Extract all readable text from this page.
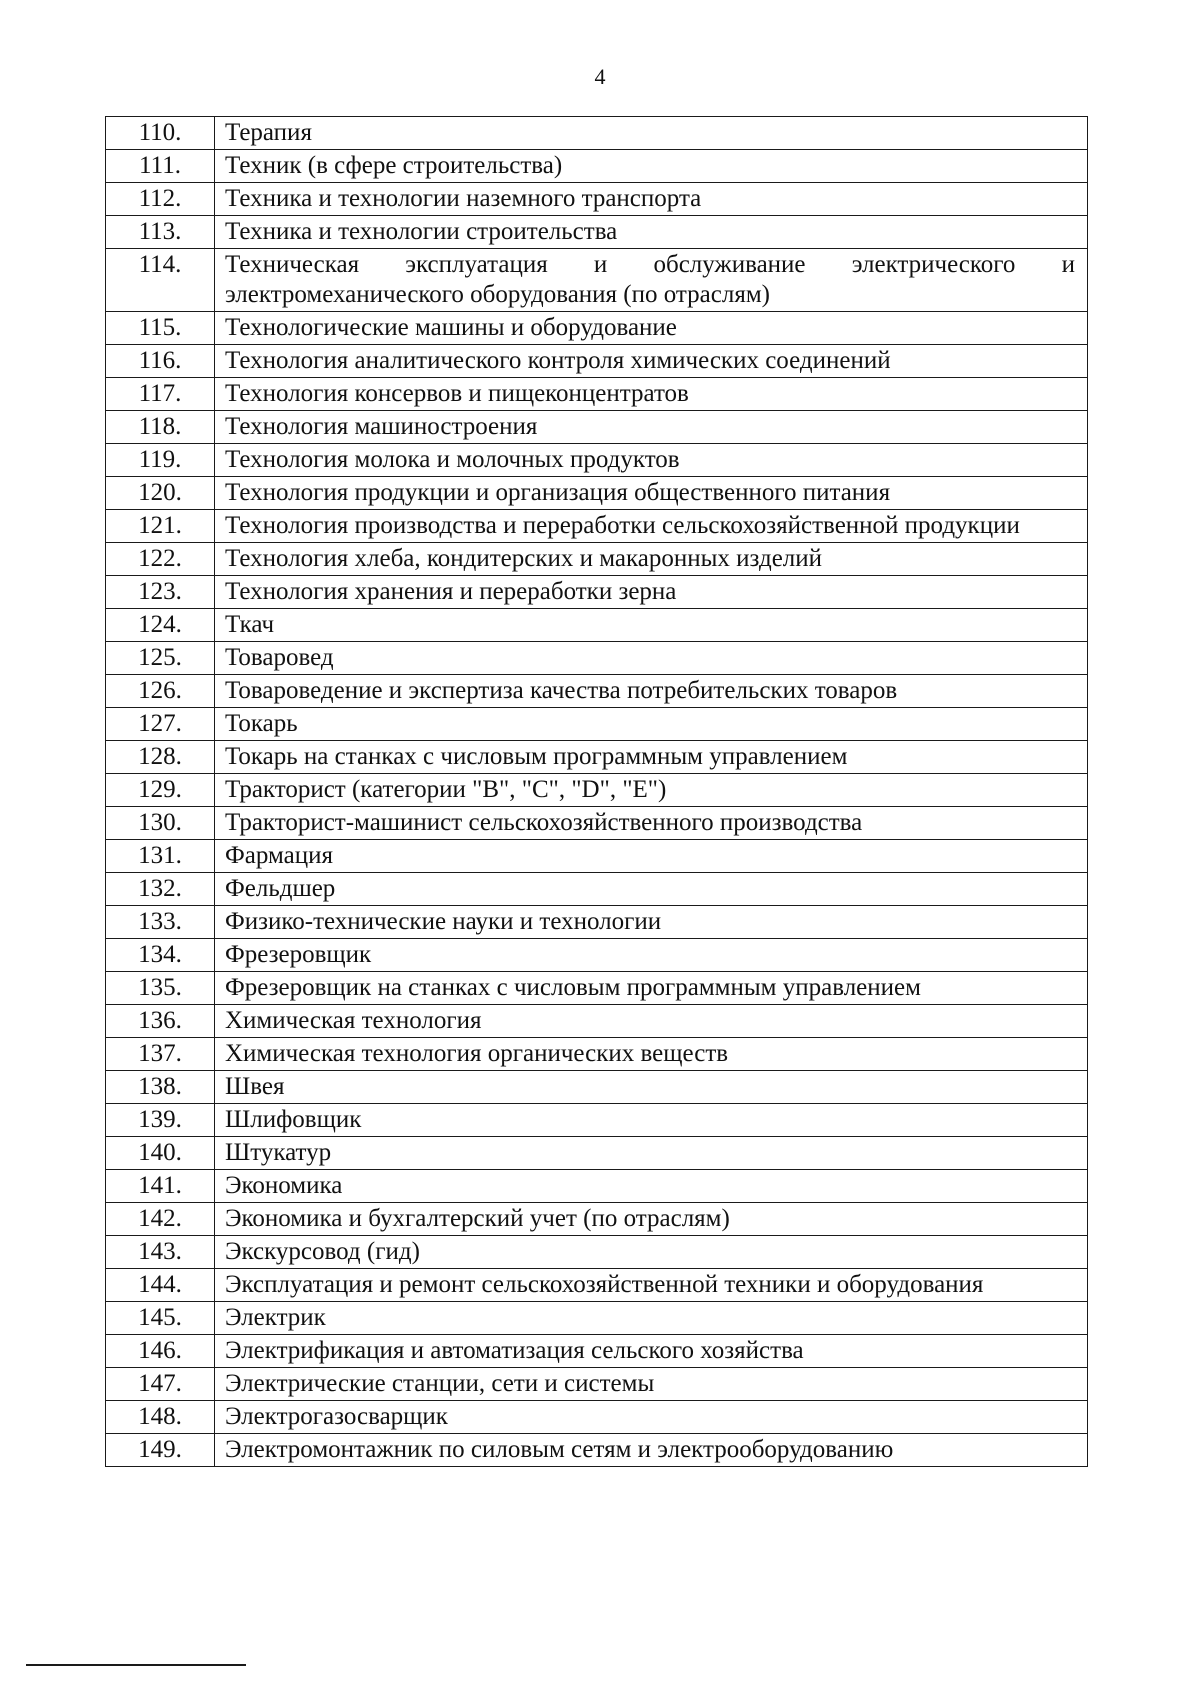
4
110.	Терапия
111.	Техник (в сфере строительства)
112.	Техника и технологии наземного транспорта
113.	Техника и технологии строительства
114.	Техническая эксплуатация и обслуживание электрического и электромеханического оборудования (по отраслям)
115.	Технологические машины и оборудование
116.	Технология аналитического контроля химических соединений
117.	Технология консервов и пищеконцентратов
118.	Технология машиностроения
119.	Технология молока и молочных продуктов
120.	Технология продукции и организация общественного питания
121.	Технология производства и переработки сельскохозяйственной продукции
122.	Технология хлеба, кондитерских и макаронных изделий
123.	Технология хранения и переработки зерна
124.	Ткач
125.	Товаровед
126.	Товароведение и экспертиза качества потребительских товаров
127.	Токарь
128.	Токарь на станках с числовым программным управлением
129.	Тракторист (категории "B", "C", "D", "E")
130.	Тракторист-машинист сельскохозяйственного производства
131.	Фармация
132.	Фельдшер
133.	Физико-технические науки и технологии
134.	Фрезеровщик
135.	Фрезеровщик на станках с числовым программным управлением
136.	Химическая технология
137.	Химическая технология органических веществ
138.	Швея
139.	Шлифовщик
140.	Штукатур
141.	Экономика
142.	Экономика и бухгалтерский учет (по отраслям)
143.	Экскурсовод (гид)
144.	Эксплуатация и ремонт сельскохозяйственной техники и оборудования
145.	Электрик
146.	Электрификация и автоматизация сельского хозяйства
147.	Электрические станции, сети и системы
148.	Электрогазосварщик
149.	Электромонтажник по силовым сетям и электрооборудованию
